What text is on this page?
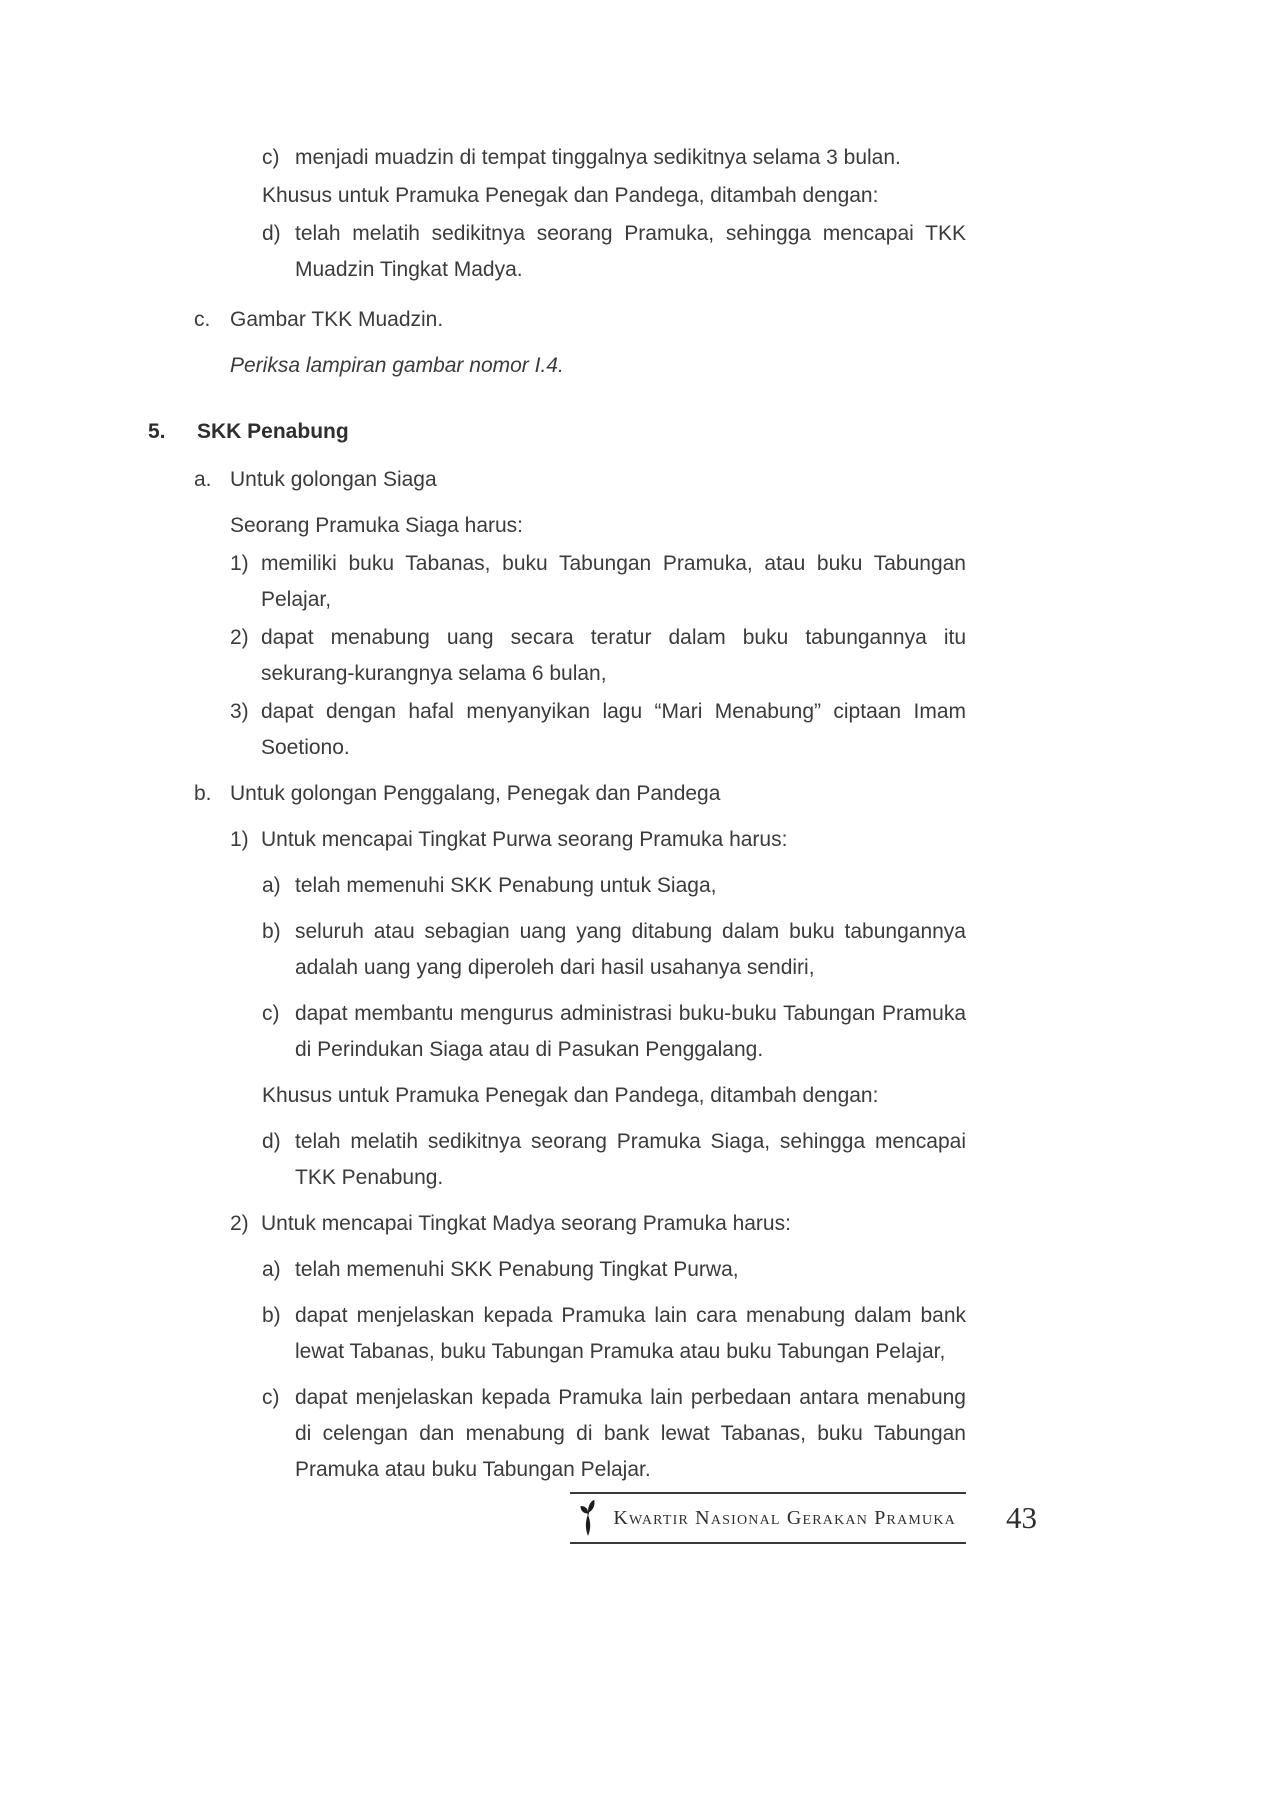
c) menjadi muadzin di tempat tinggalnya sedikitnya selama 3 bulan.
Khusus untuk Pramuka Penegak dan Pandega, ditambah dengan:
d) telah melatih sedikitnya seorang Pramuka, sehingga mencapai TKK Muadzin Tingkat Madya.
c. Gambar TKK Muadzin.
Periksa lampiran gambar nomor I.4.
5.	SKK Penabung
a. Untuk golongan Siaga
Seorang Pramuka Siaga harus:
1) memiliki buku Tabanas, buku Tabungan Pramuka, atau buku Tabungan Pelajar,
2) dapat menabung uang secara teratur dalam buku tabungannya itu sekurang-kurangnya selama 6 bulan,
3) dapat dengan hafal menyanyikan lagu “Mari Menabung” ciptaan Imam Soetiono.
b. Untuk golongan Penggalang, Penegak dan Pandega
1) Untuk mencapai Tingkat Purwa seorang Pramuka harus:
a) telah memenuhi SKK Penabung untuk Siaga,
b) seluruh atau sebagian uang yang ditabung dalam buku tabungannya adalah uang yang diperoleh dari hasil usahanya sendiri,
c) dapat membantu mengurus administrasi buku-buku Tabungan Pramuka di Perindukan Siaga atau di Pasukan Penggalang.
Khusus untuk Pramuka Penegak dan Pandega, ditambah dengan:
d) telah melatih sedikitnya seorang Pramuka Siaga, sehingga mencapai TKK Penabung.
2) Untuk mencapai Tingkat Madya seorang Pramuka harus:
a) telah memenuhi SKK Penabung Tingkat Purwa,
b) dapat menjelaskan kepada Pramuka lain cara menabung dalam bank lewat Tabanas, buku Tabungan Pramuka atau buku Tabungan Pelajar,
c) dapat menjelaskan kepada Pramuka lain perbedaan antara menabung di celengan dan menabung di bank lewat Tabanas, buku Tabungan Pramuka atau buku Tabungan Pelajar.
Kwartir Nasional Gerakan Pramuka 43
